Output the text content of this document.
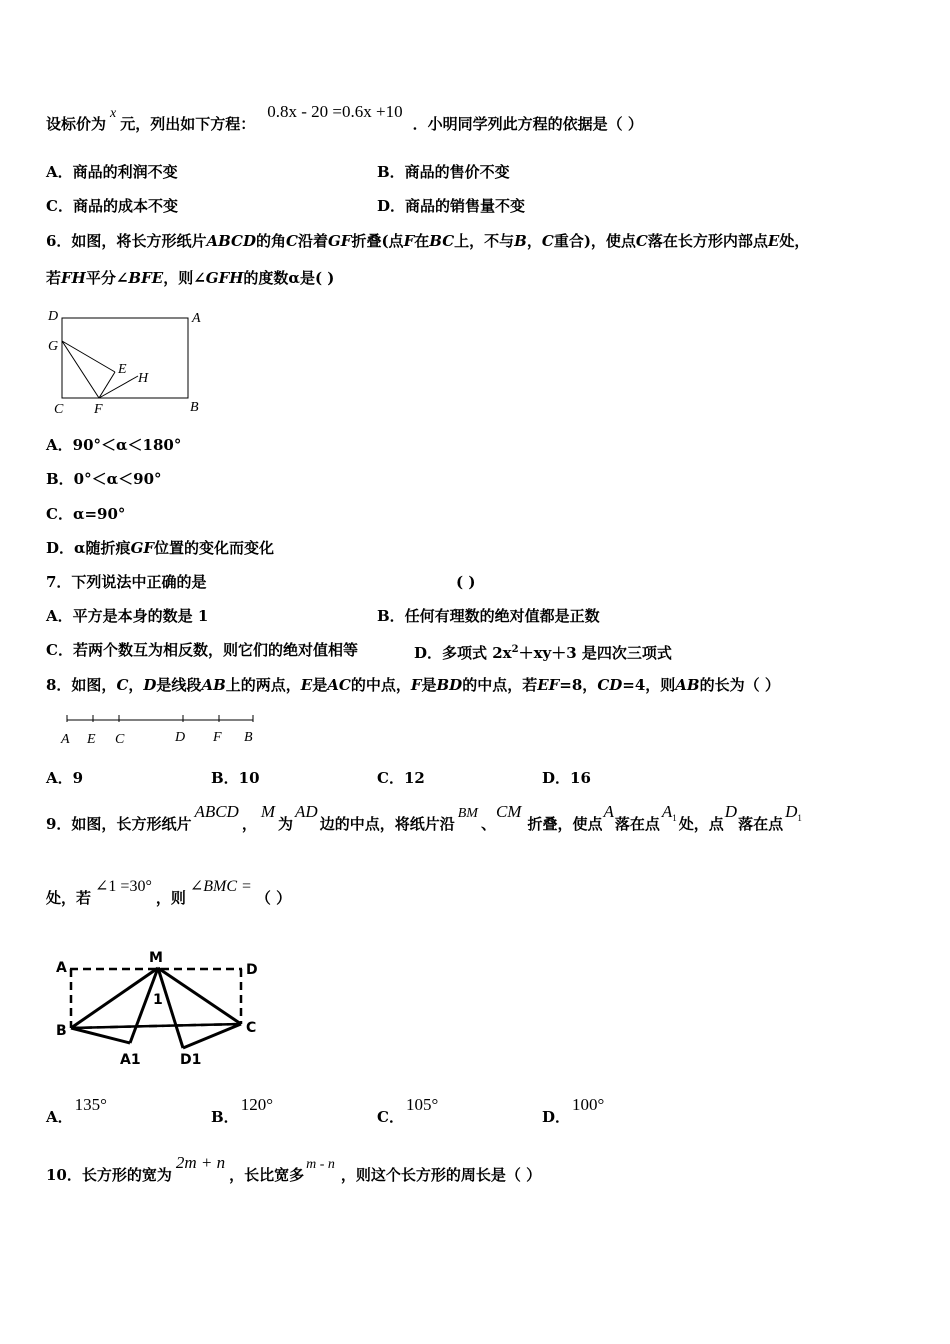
设标价为x元，列出如下方程：0.8x - 20 =0.6x +10．小明同学列此方程的依据是（ ）
A．商品的利润不变	B．商品的售价不变
C．商品的成本不变	D．商品的销售量不变
6．如图，将长方形纸片ABCD的角C沿着GF折叠(点F在BC上，不与B，C重合)，使点C落在长方形内部点E处，
若FH平分∠BFE，则∠GFH的度数α是( )
D	A
G
E
H
C F	B
A．90°＜α＜180°
B．0°＜α＜90°
C．α=90°
D．α随折痕GF位置的变化而变化
7．下列说法中正确的是	( )
A．平方是本身的数是 1	B．任何有理数的绝对值都是正数
C．若两个数互为相反数，则它们的绝对值相等	D．多项式 $2x^2+xy+3$ 是四次三项式
8．如图，C，D是线段AB上的两点，E是AC的中点，F是BD的中点，若EF=8，CD=4，则AB的长为（ ）
A E C	D F B
A．9	B．10	C．12	D．16
9．如图，长方形纸片ABCD，M为AD边的中点，将纸片沿BM、CM折叠，使点A落在点$A_1$ 处，点D落在点$D_1$
处，若∠1 =30°，则∠BMC =（ ）
A
M
D
B
1
C
A1	D1
A．135°
B．120°
C．105°
D．100°
10．长方形的宽为2m + n，长比宽多m - n，则这个长方形的周长是（ ）
